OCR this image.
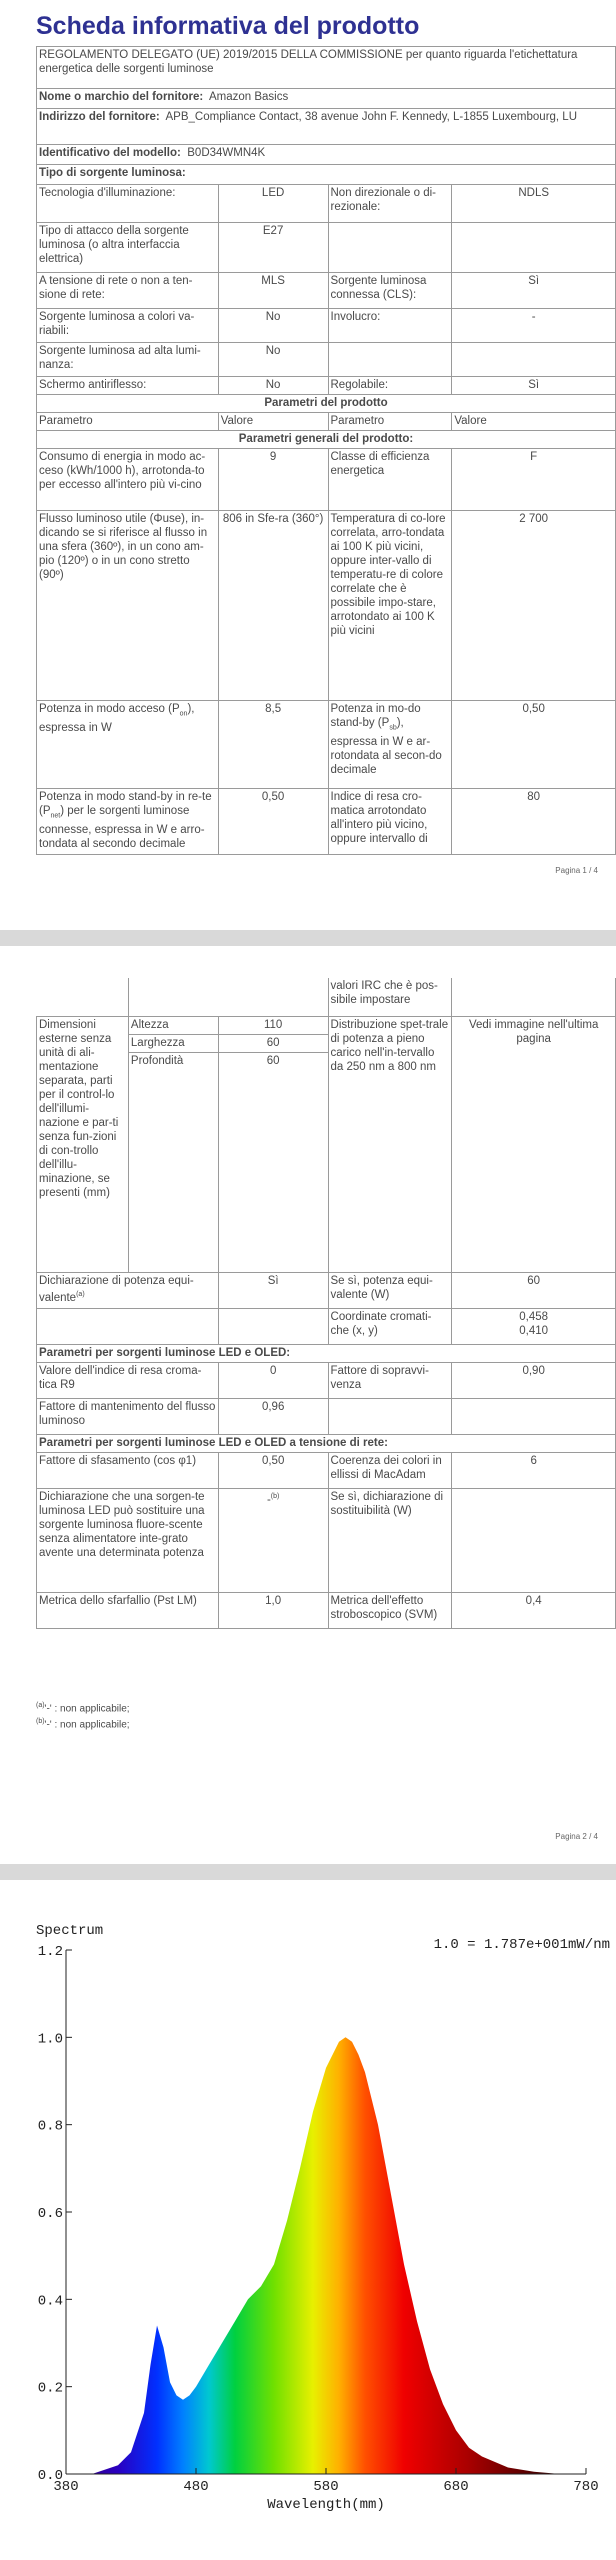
Scheda informativa del prodotto
REGOLAMENTO DELEGATO (UE) 2019/2015 DELLA COMMISSIONE per quanto riguarda l'etichettatura energetica delle sorgenti luminose			
Nome o marchio del fornitore: Amazon Basics			
Indirizzo del fornitore: APB_Compliance Contact, 38 avenue John F. Kennedy, L-1855 Luxembourg, LU			
Identificativo del modello: B0D34WMN4K			
Tipo di sorgente luminosa:			
Tecnologia d'illuminazione:	LED	Non direzionale o di-rezionale:	NDLS
Tipo di attacco della sorgente luminosa (o altra interfaccia elettrica)	E27		
A tensione di rete o non a ten-sione di rete:	MLS	Sorgente luminosa connessa (CLS):	Sì
Sorgente luminosa a colori va-riabili:	No	Involucro:	-
Sorgente luminosa ad alta lumi-nanza:	No		
Schermo antiriflesso:	No	Regolabile:	Sì
Parametri del prodotto			
Parametro	Valore	Parametro	Valore
Parametri generali del prodotto:			
Consumo di energia in modo ac-ceso (kWh/1000 h), arrotonda-to per eccesso all'intero più vi-cino	9	Classe di efficienza energetica	F
Flusso luminoso utile (Φuse), in-dicando se si riferisce al flusso in una sfera (360º), in un cono am-pio (120º) o in un cono stretto (90º)	806 in Sfe-ra (360°)	Temperatura di co-lore correlata, arro-tondata ai 100 K più vicini, oppure inter-vallo di temperatu-re di colore correlate che è possibile impo-stare, arrotondato ai 100 K più vicini	2 700
Potenza in modo acceso $(P_{on})$, espressa in W	8,5	Potenza in mo-do stand-by $(P_{sb})$, espressa in W e ar-rotondata al secon-do decimale	0,50
Potenza in modo stand-by in re-te $(P_{net})$ per le sorgenti luminose connesse, espressa in W e arro-tondata al secondo decimale	0,50	Indice di resa cro-matica arrotondato all'intero più vicino, oppure intervallo di	80
Pagina 1 / 4
			valori IRC che è pos-sibile impostare	
Dimensioni esterne senza unità di ali-mentazione separata, parti per il control-lo dell'illumi-nazione e par-ti senza fun-zioni di con-trollo dell'illu-minazione, se presenti (mm)	Altezza	110	Distribuzione spet-trale di potenza a pieno carico nell'in-tervallo da 250 nm a 800 nm	Vedi immagine nell'ultima pagina
	Larghezza	60		
	Profondità	60		
Dichiarazione di potenza equi-valente$^{(a)}$		Sì	Se sì, potenza equi-valente (W)	60
			Coordinate cromati-che (x, y)	0,458
0,410
Parametri per sorgenti luminose LED e OLED:				
Valore dell'indice di resa croma-tica R9		0	Fattore di sopravvi-venza	0,90
Fattore di mantenimento del flusso luminoso		0,96		
Parametri per sorgenti luminose LED e OLED a tensione di rete:				
Fattore di sfasamento (cos φ1)		0,50	Coerenza dei colori in ellissi di MacAdam	6
Dichiarazione che una sorgen-te luminosa LED può sostituire una sorgente luminosa fluore-scente senza alimentatore inte-grato avente una determinata potenza		-$^{(b)}$	Se sì, dichiarazione di sostituibilità (W)	
Metrica dello sfarfallio (Pst LM)		1,0	Metrica dell'effetto stroboscopico (SVM)	0,4
$^{(a)}$'-' : non applicabile;
$^{(b)}$'-' : non applicabile;
Pagina 2 / 4
Spectrum
1.0 = 1.787e+001mW/nm
0.0
0.2
0.4
0.6
0.8
1.0
1.2
380	480	580	680	780
Wavelength(mm)
